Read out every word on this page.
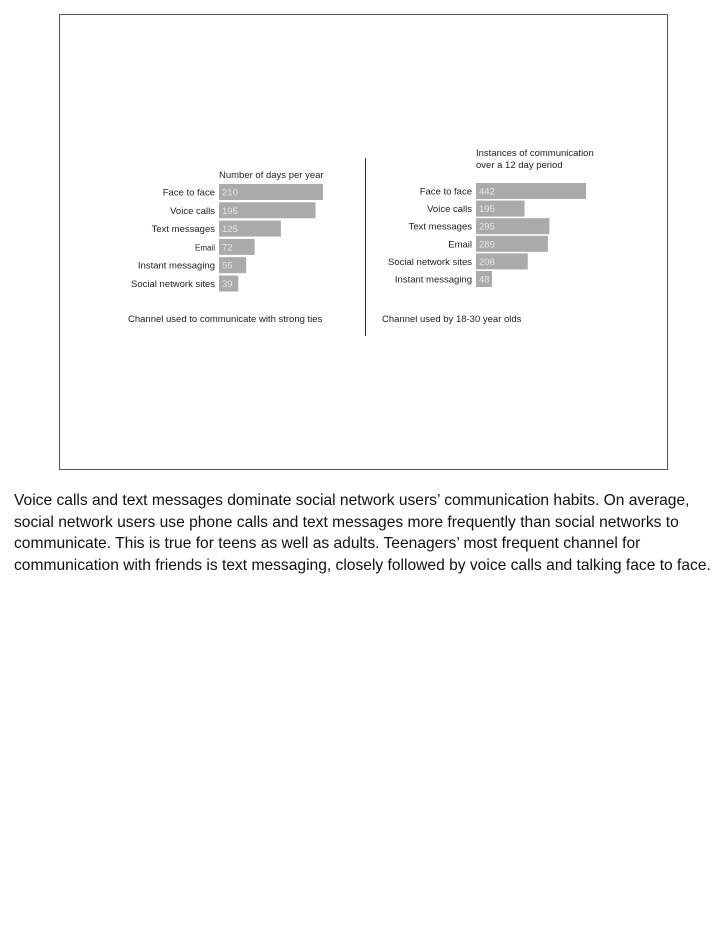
Number of days per year
Face to face 210
Voice calls 195
Text messages 125
Email 72
Instant messaging 55
Social network sites 39
Channel used to communicate with strong ties
Instances of communication over a 12 day period
Face to face 442
Voice calls 195
Text messages 295
Email 289
Social network sites 208
Instant messaging 48
Channel used by 18-30 year olds

Voice calls and text messages dominate social network users’ communication habits. On average, social network users use phone calls and text messages more frequently than social networks to communicate. This is true for teens as well as adults. Teenagers’ most frequent channel for communication with friends is text messaging, closely followed by voice calls and talking face to face.
